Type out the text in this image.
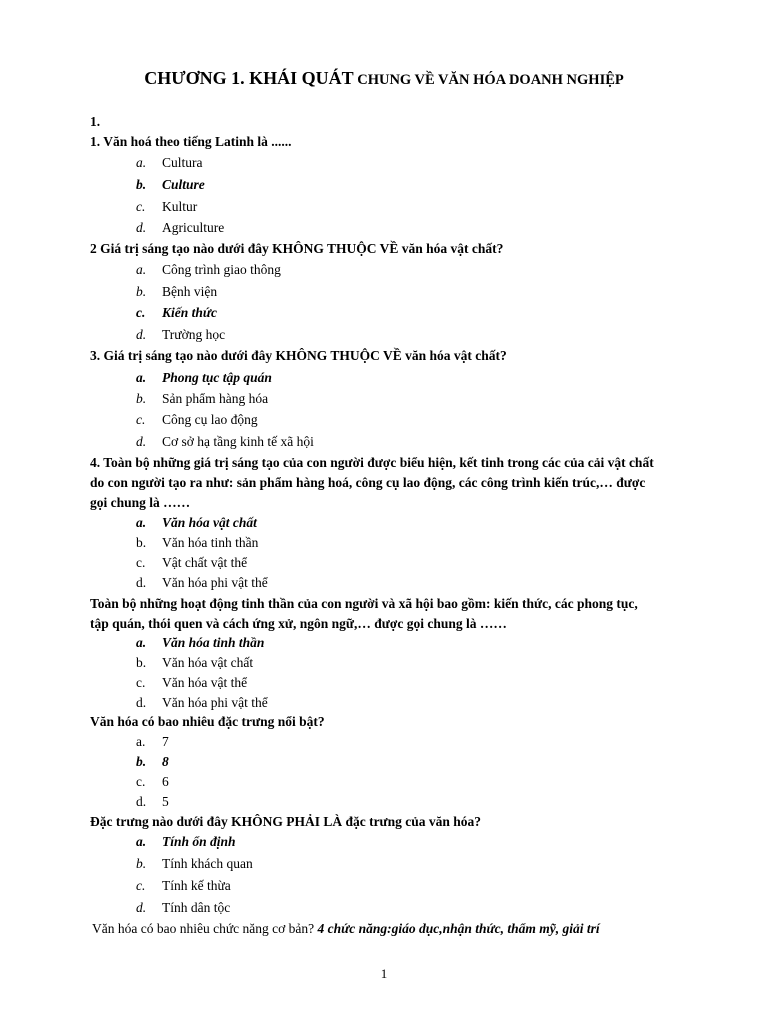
CHƯƠNG 1. KHÁI QUÁT CHUNG VỀ VĂN HÓA DOANH NGHIỆP
1.
1. Văn hoá theo tiếng Latinh là ......
a. Cultura
b. Culture
c. Kultur
d. Agriculture
2 Giá trị sáng tạo nào dưới đây KHÔNG THUỘC VỀ văn hóa vật chất?
a. Công trình giao thông
b. Bệnh viện
c. Kiến thức
d. Trường học
3. Giá trị sáng tạo nào dưới đây KHÔNG THUỘC VỀ văn hóa vật chất?
a. Phong tục tập quán
b. Sản phẩm hàng hóa
c. Công cụ lao động
d. Cơ sở hạ tầng kinh tế xã hội
4. Toàn bộ những giá trị sáng tạo của con người được biểu hiện, kết tinh trong các của cải vật chất
do con người tạo ra như: sản phẩm hàng hoá, công cụ lao động, các công trình kiến trúc,… được
gọi chung là ……
a. Văn hóa vật chất
b. Văn hóa tinh thần
c. Vật chất vật thể
d. Văn hóa phi vật thể
Toàn bộ những hoạt động tinh thần của con người và xã hội bao gồm: kiến thức, các phong tục,
tập quán, thói quen và cách ứng xử, ngôn ngữ,… được gọi chung là ……
a. Văn hóa tinh thần
b. Văn hóa vật chất
c. Văn hóa vật thể
d. Văn hóa phi vật thể
Văn hóa có bao nhiêu đặc trưng nổi bật?
a. 7
b. 8
c. 6
d. 5
Đặc trưng nào dưới đây KHÔNG PHẢI LÀ đặc trưng của văn hóa?
a. Tính ổn định
b. Tính khách quan
c. Tính kế thừa
d. Tính dân tộc
Văn hóa có bao nhiêu chức năng cơ bản? 4 chức năng:giáo dục,nhận thức, thẩm mỹ, giải trí
1
